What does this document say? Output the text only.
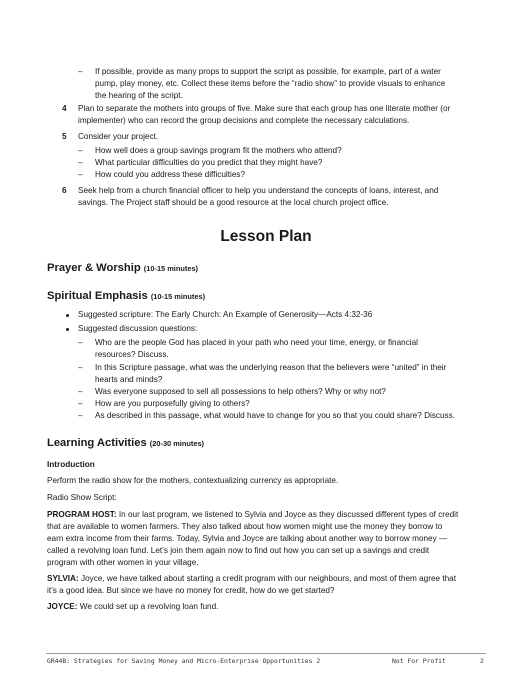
– If possible, provide as many props to support the script as possible, for example, part of a water
pump, play money, etc. Collect these items before the “radio show” to provide visuals to enhance
the hearing of the script.
4 Plan to separate the mothers into groups of five. Make sure that each group has one literate mother (or
implementer) who can record the group decisions and complete the necessary calculations.
5 Consider your project.
– How well does a group savings program fit the mothers who attend?
– What particular difficulties do you predict that they might have?
– How could you address these difficulties?
6 Seek help from a church financial officer to help you understand the concepts of loans, interest, and
savings. The Project staff should be a good resource at the local church project office.
Lesson Plan
Prayer & Worship (10-15 minutes)
Spiritual Emphasis (10-15 minutes)
Suggested scripture: The Early Church: An Example of Generosity—Acts 4:32-36
Suggested discussion questions:
– Who are the people God has placed in your path who need your time, energy, or financial
resources? Discuss.
– In this Scripture passage, what was the underlying reason that the believers were “united” in their
hearts and minds?
– Was everyone supposed to sell all possessions to help others? Why or why not?
– How are you purposefully giving to others?
– As described in this passage, what would have to change for you so that you could share? Discuss.
Learning Activities (20-30 minutes)
Introduction
Perform the radio show for the mothers, contextualizing currency as appropriate.
Radio Show Script:
PROGRAM HOST: In our last program, we listened to Sylvia and Joyce as they discussed different types of credit
that are available to women farmers. They also talked about how women might use the money they borrow to
earn extra income from their farms. Today, Sylvia and Joyce are talking about another way to borrow money —
called a revolving loan fund. Let’s join them again now to find out how you can set up a savings and credit
program with other women in your village.
SYLVIA: Joyce, we have talked about starting a credit program with our neighbours, and most of them agree that
it’s a good idea. But since we have no money for credit, how do we get started?
JOYCE: We could set up a revolving loan fund.
GR44B: Strategies for Saving Money and Micro-Enterprise Opportunities 2	Not For Profit	2
